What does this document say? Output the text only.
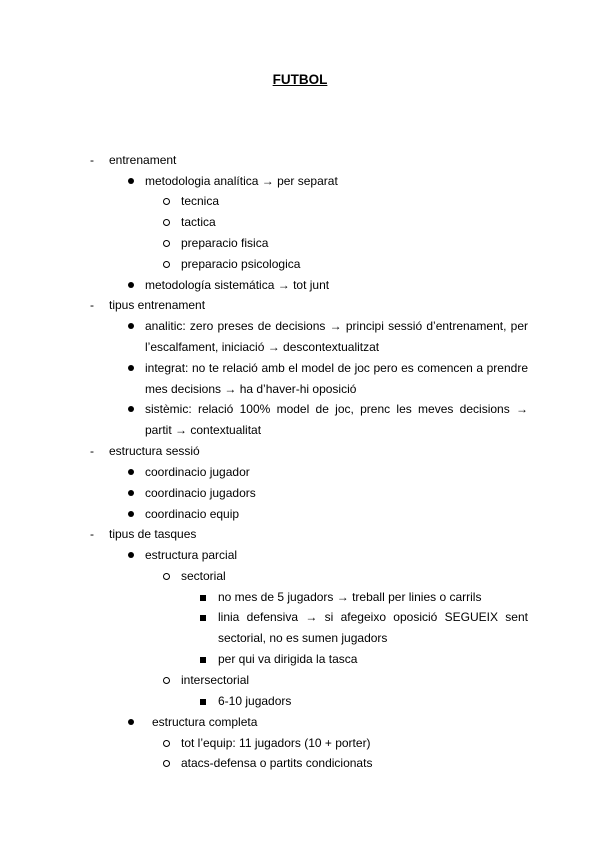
FUTBOL
- entrenament
metodologia analítica → per separat
tecnica
tactica
preparacio fisica
preparacio psicologica
metodología sistemática → tot junt
- tipus entrenament
analitic: zero preses de decisions → principi sessió d’entrenament, per l’escalfament, iniciació → descontextualitzat
integrat: no te relació amb el model de joc pero es comencen a prendre mes decisions → ha d’haver-hi oposició
sistèmic: relació 100% model de joc, prenc les meves decisions → partit → contextualitat
- estructura sessió
coordinacio jugador
coordinacio jugadors
coordinacio equip
- tipus de tasques
estructura parcial
sectorial
no mes de 5 jugadors → treball per linies o carrils
linia defensiva → si afegeixo oposició SEGUEIX sent sectorial, no es sumen jugadors
per qui va dirigida la tasca
intersectorial
6-10 jugadors
estructura completa
tot l’equip: 11 jugadors (10 + porter)
atacs-defensa o partits condicionats
